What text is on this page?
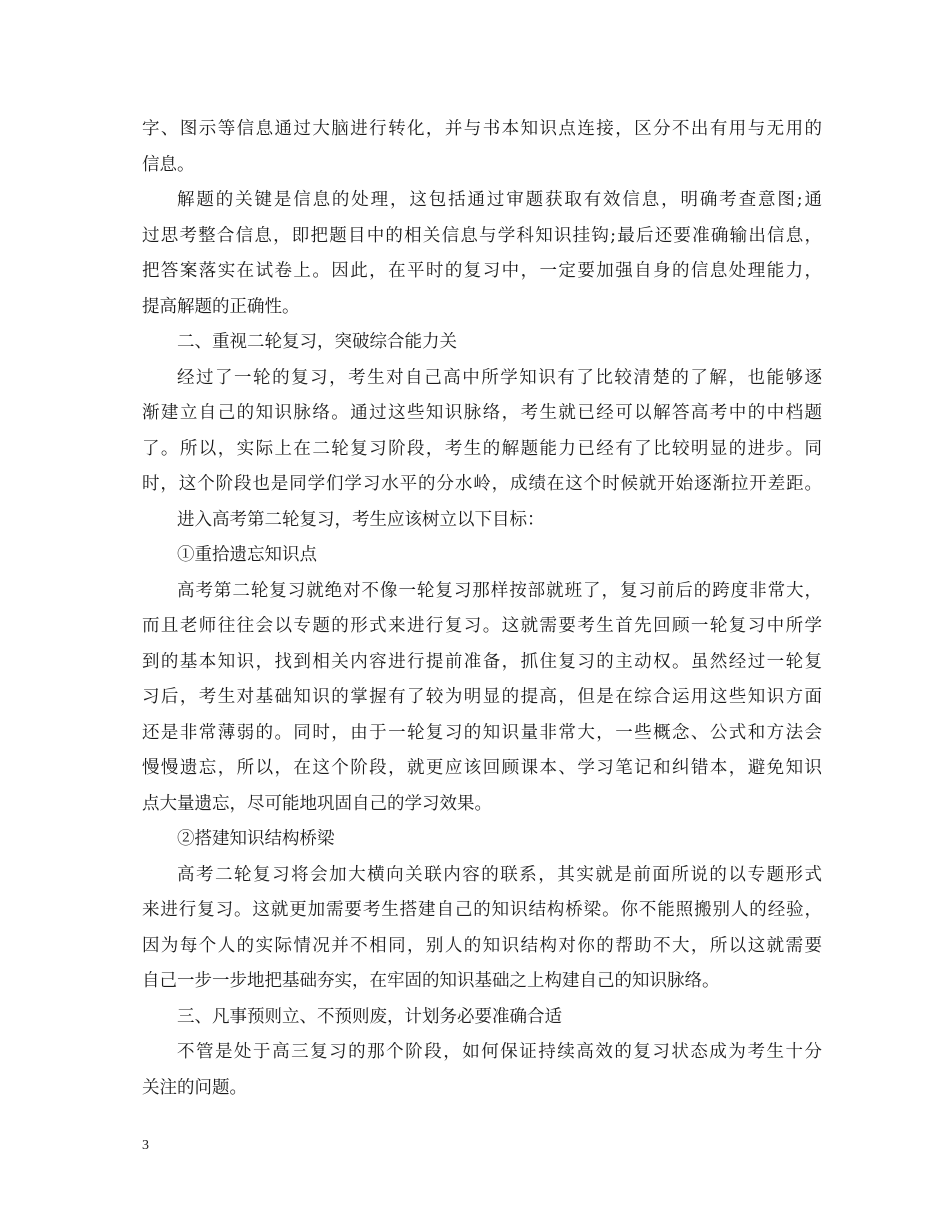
字、图示等信息通过大脑进行转化，并与书本知识点连接，区分不出有用与无用的
信息。
解题的关键是信息的处理，这包括通过审题获取有效信息，明确考查意图;通
过思考整合信息，即把题目中的相关信息与学科知识挂钩;最后还要准确输出信息，
把答案落实在试卷上。因此，在平时的复习中，一定要加强自身的信息处理能力，
提高解题的正确性。
二、重视二轮复习，突破综合能力关
经过了一轮的复习，考生对自己高中所学知识有了比较清楚的了解，也能够逐
渐建立自己的知识脉络。通过这些知识脉络，考生就已经可以解答高考中的中档题
了。所以，实际上在二轮复习阶段，考生的解题能力已经有了比较明显的进步。同
时，这个阶段也是同学们学习水平的分水岭，成绩在这个时候就开始逐渐拉开差距。
进入高考第二轮复习，考生应该树立以下目标：
①重拾遗忘知识点
高考第二轮复习就绝对不像一轮复习那样按部就班了，复习前后的跨度非常大，
而且老师往往会以专题的形式来进行复习。这就需要考生首先回顾一轮复习中所学
到的基本知识，找到相关内容进行提前准备，抓住复习的主动权。虽然经过一轮复
习后，考生对基础知识的掌握有了较为明显的提高，但是在综合运用这些知识方面
还是非常薄弱的。同时，由于一轮复习的知识量非常大，一些概念、公式和方法会
慢慢遗忘，所以，在这个阶段，就更应该回顾课本、学习笔记和纠错本，避免知识
点大量遗忘，尽可能地巩固自己的学习效果。
②搭建知识结构桥梁
高考二轮复习将会加大横向关联内容的联系，其实就是前面所说的以专题形式
来进行复习。这就更加需要考生搭建自己的知识结构桥梁。你不能照搬别人的经验，
因为每个人的实际情况并不相同，别人的知识结构对你的帮助不大，所以这就需要
自己一步一步地把基础夯实，在牢固的知识基础之上构建自己的知识脉络。
三、凡事预则立、不预则废，计划务必要准确合适
不管是处于高三复习的那个阶段，如何保证持续高效的复习状态成为考生十分
关注的问题。
3
